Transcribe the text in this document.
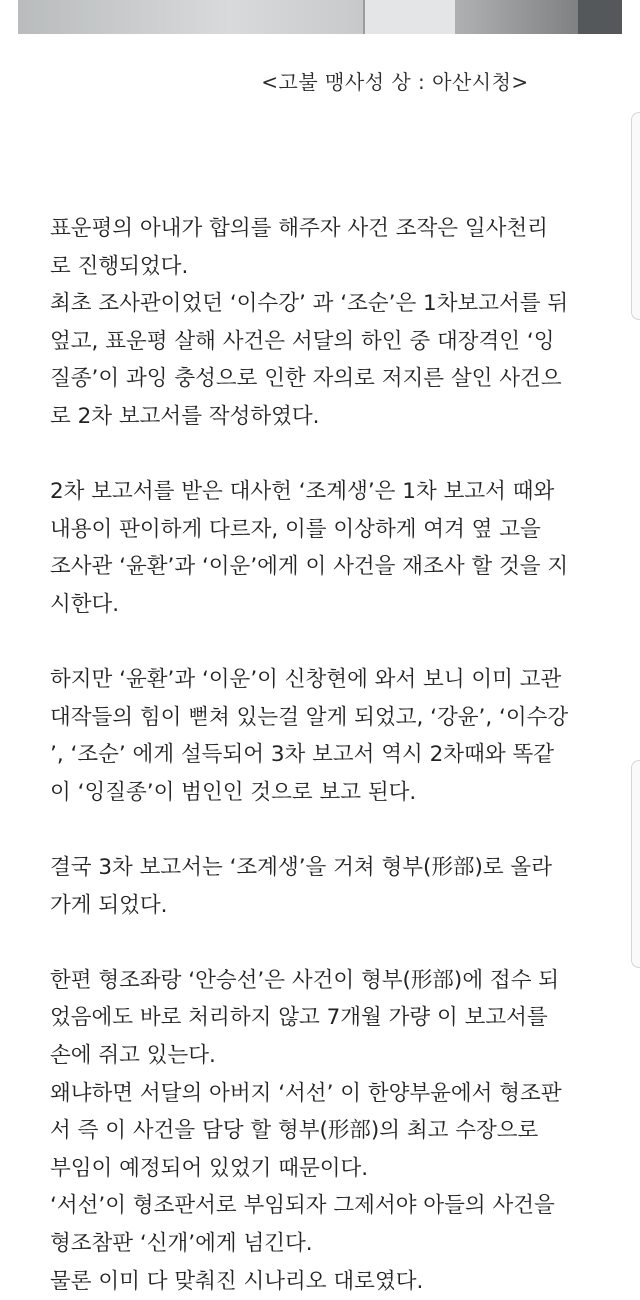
<고불 맹사성 상 : 아산시청>
표운평의 아내가 합의를 해주자 사건 조작은 일사천리
로 진행되었다.
최초 조사관이었던 ‘이수강’ 과 ‘조순’은 1차보고서를 뒤
엎고, 표운평 살해 사건은 서달의 하인 중 대장격인 ‘잉
질종’이 과잉 충성으로 인한 자의로 저지른 살인 사건으
로 2차 보고서를 작성하였다.
2차 보고서를 받은 대사헌 ‘조계생’은 1차 보고서 때와
내용이 판이하게 다르자, 이를 이상하게 여겨 옆 고을
조사관 ‘윤환’과 ‘이운’에게 이 사건을 재조사 할 것을 지
시한다.
하지만 ‘윤환’과 ‘이운’이 신창현에 와서 보니 이미 고관
대작들의 힘이 뻗쳐 있는걸 알게 되었고, ‘강윤’, ‘이수강
’, ‘조순’ 에게 설득되어 3차 보고서 역시 2차때와 똑같
이 ‘잉질종’이 범인인 것으로 보고 된다.
결국 3차 보고서는 ‘조계생’을 거쳐 형부(形部)로 올라
가게 되었다.
한편 형조좌랑 ‘안승선’은 사건이 형부(形部)에 접수 되
었음에도 바로 처리하지 않고 7개월 가량 이 보고서를
손에 쥐고 있는다.
왜냐하면 서달의 아버지 ‘서선’ 이 한양부윤에서 형조판
서 즉 이 사건을 담당 할 형부(形部)의 최고 수장으로
부임이 예정되어 있었기 때문이다.
‘서선’이 형조판서로 부임되자 그제서야 아들의 사건을
형조참판 ‘신개’에게 넘긴다.
물론 이미 다 맞춰진 시나리오 대로였다.
